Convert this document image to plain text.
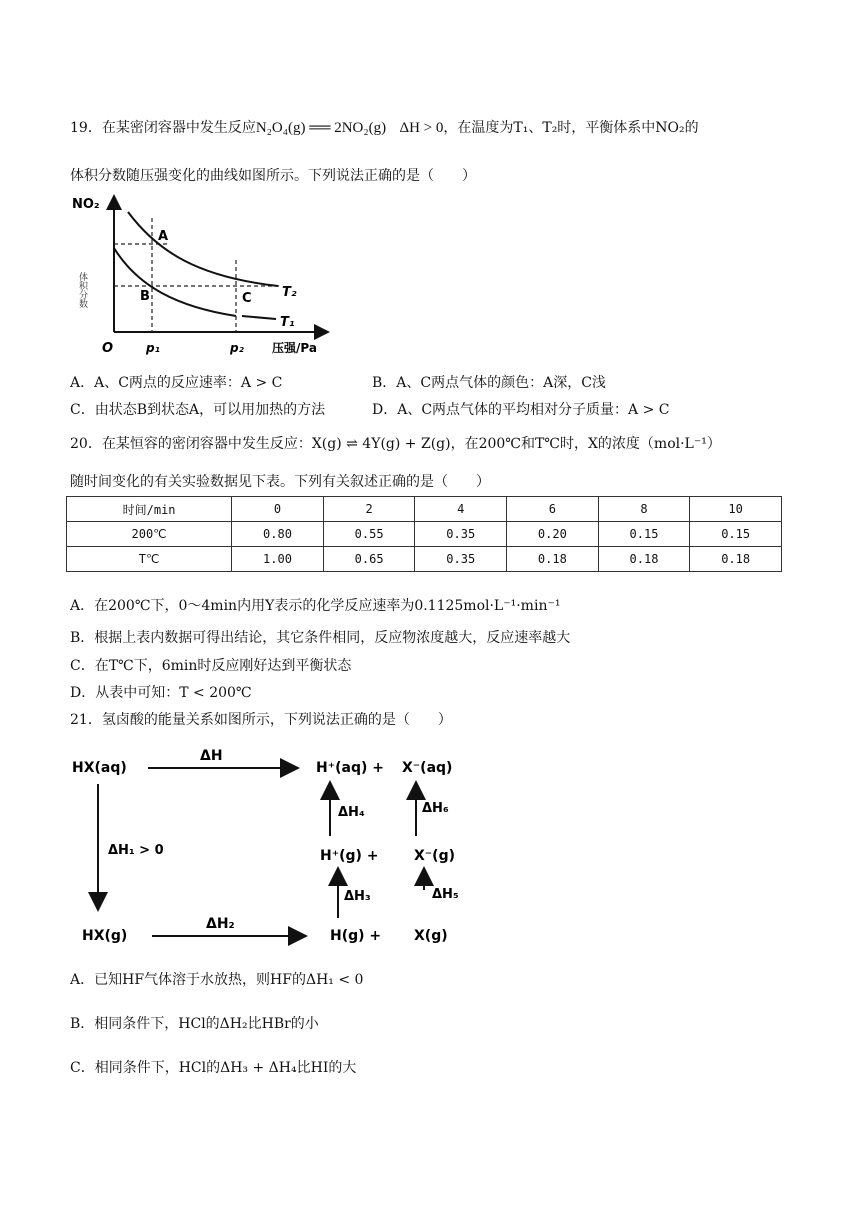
19．在某密闭容器中发生反应N₂O₄(g) ══ 2NO₂(g) ΔH > 0，在温度为T₁、T₂时，平衡体系中NO₂的
体积分数随压强变化的曲线如图所示。下列说法正确的是（　　）
NO₂
体积分数
O	p₁	p₂ 压强/Pa
A
B	C T₂
T₁
A．A、C两点的反应速率：A > C	B．A、C两点气体的颜色：A深，C浅
C．由状态B到状态A，可以用加热的方法	D．A、C两点气体的平均相对分子质量：A > C
20．在某恒容的密闭容器中发生反应：X(g) ⇌ 4Y(g) + Z(g)，在200℃和T℃时，X的浓度（mol·L⁻¹）
随时间变化的有关实验数据见下表。下列有关叙述正确的是（　　）
时间/min	0	2	4	6	8	10
200℃	0.80	0.55	0.35	0.20	0.15	0.15
T℃	1.00	0.65	0.35	0.18	0.18	0.18
A．在200℃下，0～4min内用Y表示的化学反应速率为0.1125mol·L⁻¹·min⁻¹
B．根据上表内数据可得出结论，其它条件相同，反应物浓度越大，反应速率越大
C．在T℃下，6min时反应刚好达到平衡状态
D．从表中可知：T < 200℃
21．氢卤酸的能量关系如图所示，下列说法正确的是（　　）
HX(aq)
ΔH
H⁺(aq) + X⁻(aq)
ΔH₄	ΔH₆
ΔH₁ > 0	H⁺(g) +	X⁻(g)
ΔH₃	ΔH₅
HX(g)
ΔH₂
H(g) + X(g)
A．已知HF气体溶于水放热，则HF的ΔH₁ < 0
B．相同条件下，HCl的ΔH₂比HBr的小
C．相同条件下，HCl的ΔH₃ + ΔH₄比HI的大
